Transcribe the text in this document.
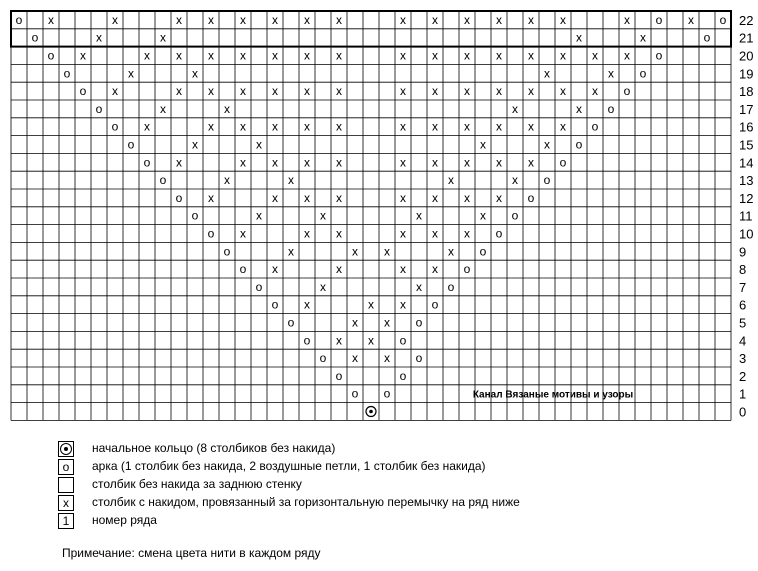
22
o x	x	x x x x x x	x x x x x x	x o x o
21
o	x	x	x	x	o
20
o x	x x x x x x x	x x x x x x x x o
19
o	x	x	x	x o
18
o x	x x x x x x	x x x x x x x o
17
o	x	x	x	x o
16
o x	x x x x x	x x x x x x o
15
o	x	x	x	x o
14
o x	x x x x	x x x x x o
13
o	x	x	x	x o
12
o x	x x x	x x x x o
11
o	x	x	x	x o
10
o x	x x	x x x o
9
o	x	x x	x o
8
o x	x	x x o
7
o	x	x o
6
o x	x x o
5
o	x x o
4
o x x o
3
o x x o
2
o	o
1
o o
0
Канал Вязаные мотивы и узоры
начальное кольцо (8 столбиков без накида)
o	арка (1 столбик без накида, 2 воздушные петли, 1 столбик без накида)
столбик без накида за заднюю стенку
x	столбик с накидом, провязанный за горизонтальную перемычку на ряд ниже
1	номер ряда
Примечание: смена цвета нити в каждом ряду
